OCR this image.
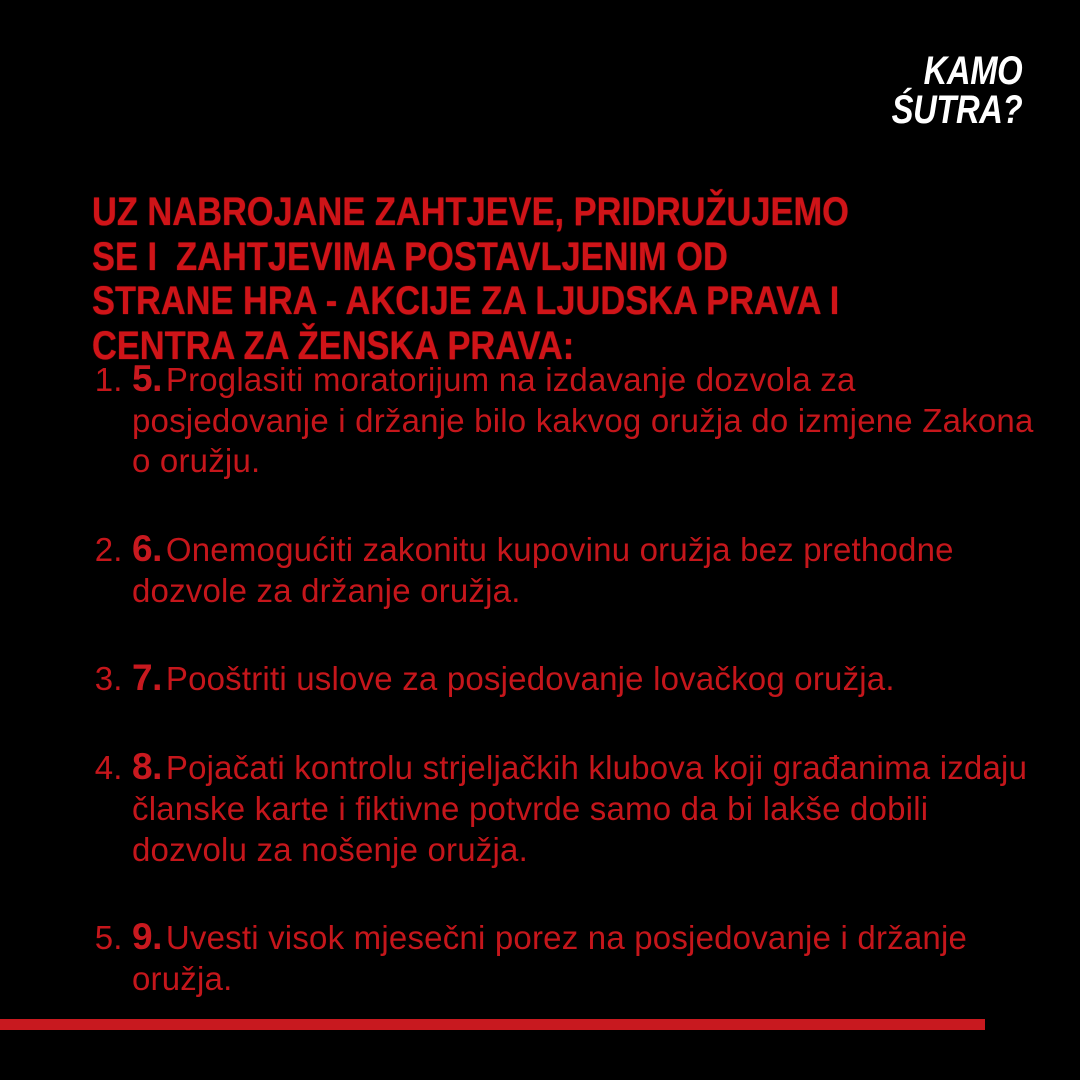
KAMO
ŚUTRA?
UZ NABROJANE ZAHTJEVE, PRIDRUŽUJEMO SE I  ZAHTJEVIMA POSTAVLJENIM OD STRANE HRA - AKCIJE ZA LJUDSKA PRAVA I CENTRA ZA ŽENSKA PRAVA:
1. 5. Proglasiti moratorijum na izdavanje dozvola za posjedovanje i držanje bilo kakvog oružja do izmjene Zakona o oružju.
2. 6. Onemogućiti zakonitu kupovinu oružja bez prethodne dozvole za držanje oružja.
3. 7. Pooštriti uslove za posjedovanje lovačkog oružja.
4. 8. Pojačati kontrolu strjeljačkih klubova koji građanima izdaju članske karte i fiktivne potvrde samo da bi lakše dobili dozvolu za nošenje oružja.
5. 9. Uvesti visok mjesečni porez na posjedovanje i držanje oružja.
